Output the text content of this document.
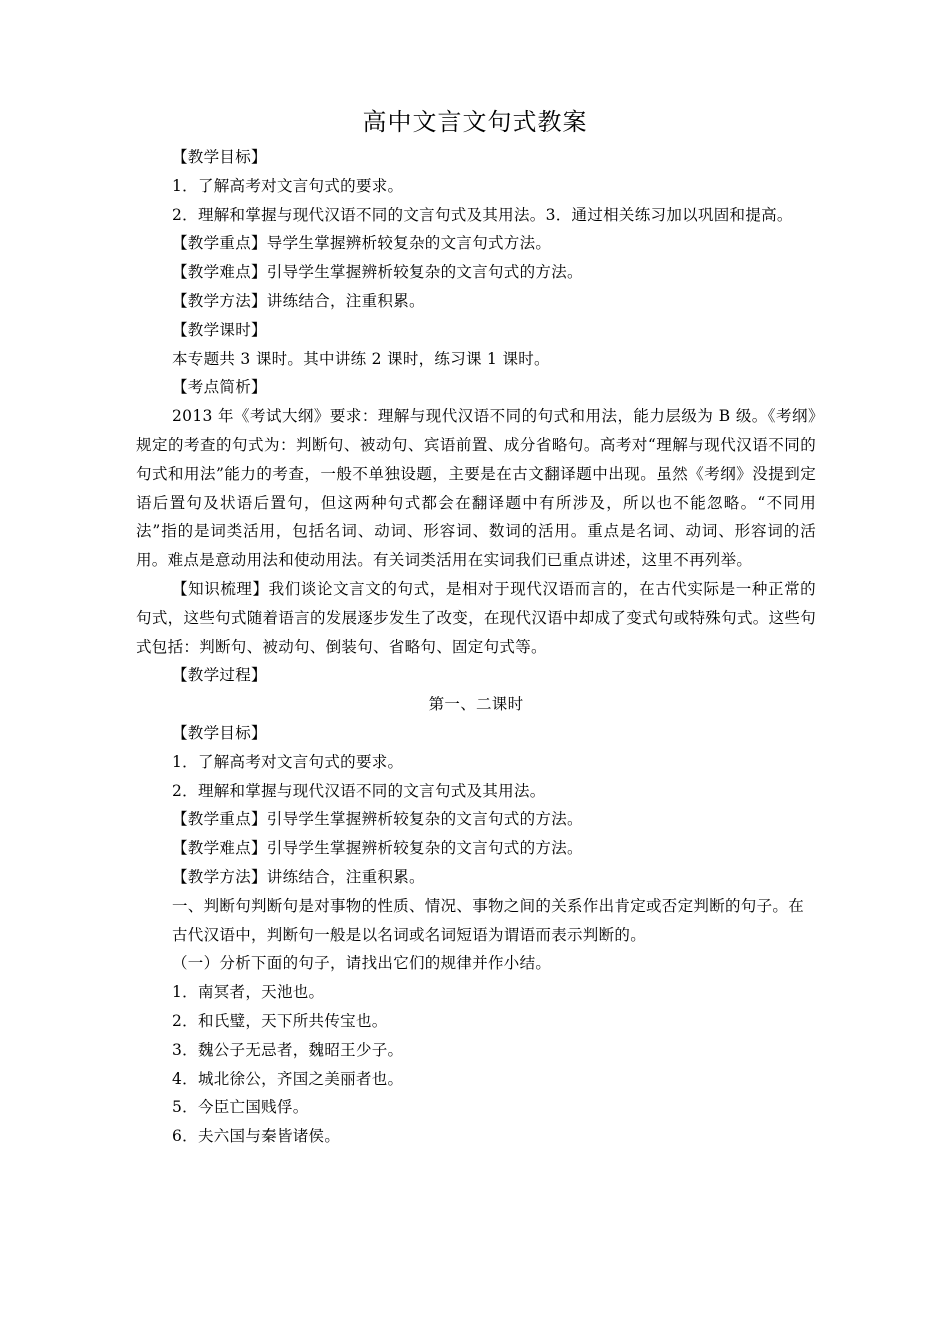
高中文言文句式教案

【教学目标】

1．了解高考对文言句式的要求。

2．理解和掌握与现代汉语不同的文言句式及其用法。3．通过相关练习加以巩固和提高。

【教学重点】导学生掌握辨析较复杂的文言句式方法。

【教学难点】引导学生掌握辨析较复杂的文言句式的方法。

【教学方法】讲练结合，注重积累。

【教学课时】

本专题共 3 课时。其中讲练 2 课时，练习课 1 课时。

【考点简析】

2013 年《考试大纲》要求：理解与现代汉语不同的句式和用法，能力层级为 B 级。《考纲》规定的考查的句式为：判断句、被动句、宾语前置、成分省略句。高考对“理解与现代汉语不同的句式和用法”能力的考查，一般不单独设题，主要是在古文翻译题中出现。虽然《考纲》没提到定语后置句及状语后置句，但这两种句式都会在翻译题中有所涉及，所以也不能忽略。“不同用法”指的是词类活用，包括名词、动词、形容词、数词的活用。重点是名词、动词、形容词的活用。难点是意动用法和使动用法。有关词类活用在实词我们已重点讲述，这里不再列举。

【知识梳理】我们谈论文言文的句式，是相对于现代汉语而言的，在古代实际是一种正常的句式，这些句式随着语言的发展逐步发生了改变，在现代汉语中却成了变式句或特殊句式。这些句式包括：判断句、被动句、倒装句、省略句、固定句式等。

【教学过程】

第一、二课时

【教学目标】

1．了解高考对文言句式的要求。

2．理解和掌握与现代汉语不同的文言句式及其用法。

【教学重点】引导学生掌握辨析较复杂的文言句式的方法。

【教学难点】引导学生掌握辨析较复杂的文言句式的方法。

【教学方法】讲练结合，注重积累。

一、判断句判断句是对事物的性质、情况、事物之间的关系作出肯定或否定判断的句子。在古代汉语中，判断句一般是以名词或名词短语为谓语而表示判断的。

（一）分析下面的句子，请找出它们的规律并作小结。

1．南冥者，天池也。

2．和氏璧，天下所共传宝也。

3．魏公子无忌者，魏昭王少子。

4．城北徐公，齐国之美丽者也。

5．今臣亡国贱俘。

6．夫六国与秦皆诸侯。
